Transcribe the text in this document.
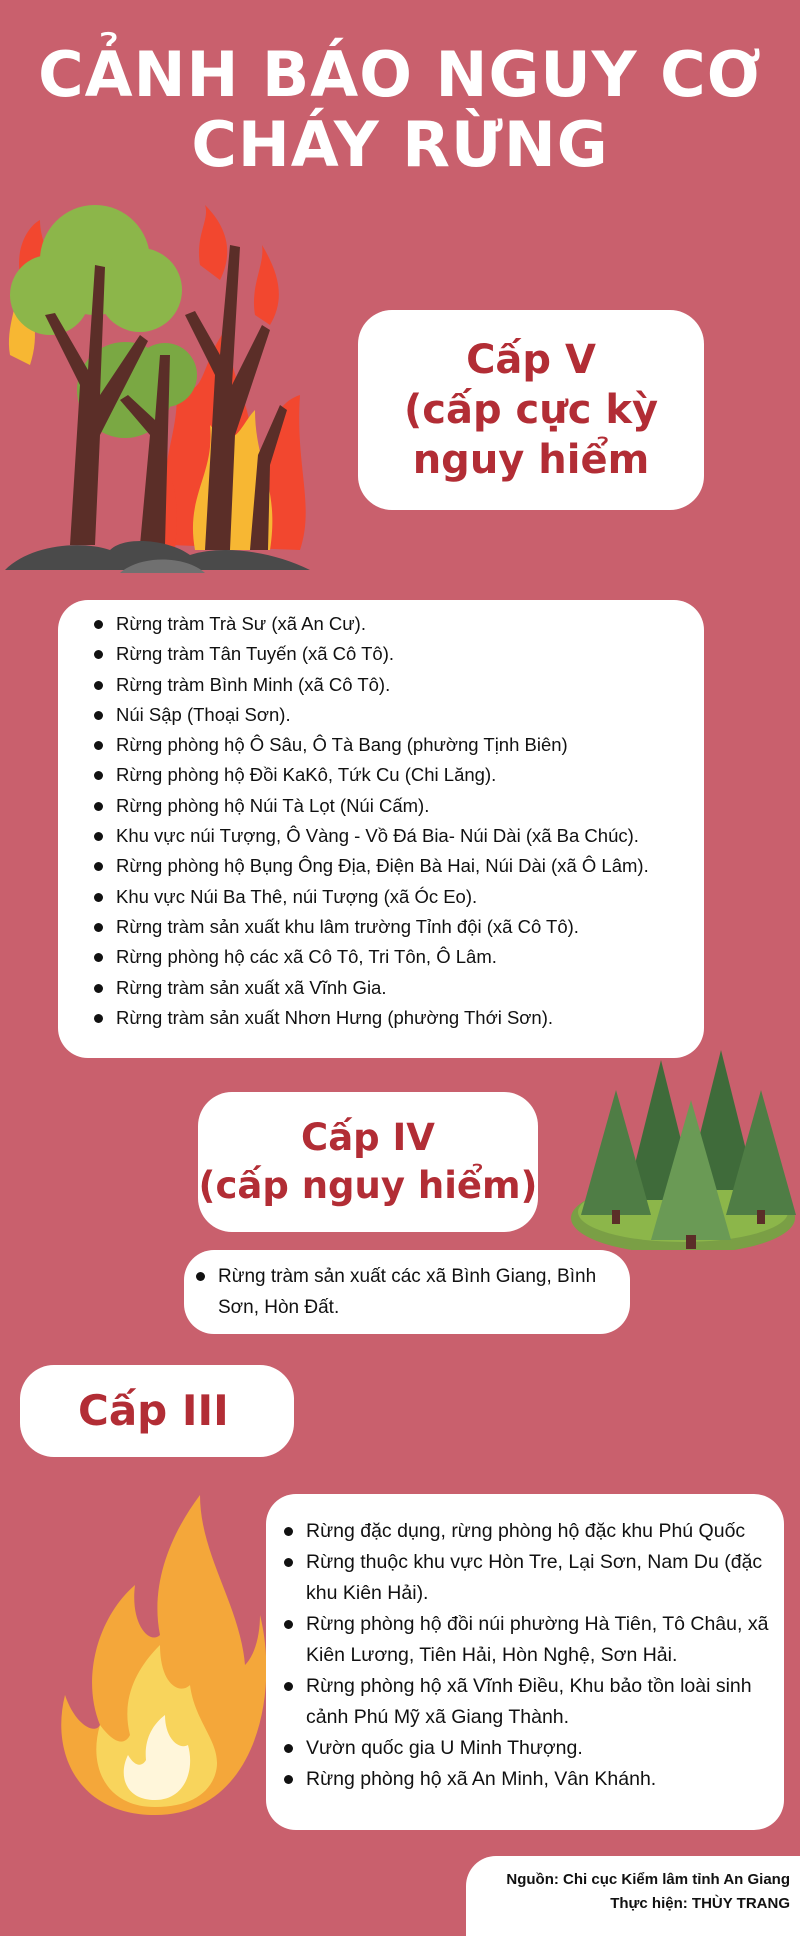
CẢNH BÁO NGUY CƠ
CHÁY RỪNG
Cấp V
(cấp cực kỳ
nguy hiểm
Rừng tràm Trà Sư (xã An Cư).
Rừng tràm Tân Tuyến (xã Cô Tô).
Rừng tràm Bình Minh (xã Cô Tô).
Núi Sập (Thoại Sơn).
Rừng phòng hộ Ô Sâu, Ô Tà Bang (phường Tịnh Biên)
Rừng phòng hộ Đồi KaKô, Tứk Cu (Chi Lăng).
Rừng phòng hộ Núi Tà Lọt (Núi Cấm).
Khu vực núi Tượng, Ô Vàng - Vồ Đá Bia- Núi Dài (xã Ba Chúc).
Rừng phòng hộ Bụng Ông Địa, Điện Bà Hai, Núi Dài (xã Ô Lâm).
Khu vực Núi Ba Thê, núi Tượng (xã Óc Eo).
Rừng tràm sản xuất khu lâm trường Tỉnh đội (xã Cô Tô).
Rừng phòng hộ các xã Cô Tô, Tri Tôn, Ô Lâm.
Rừng tràm sản xuất xã Vĩnh Gia.
Rừng tràm sản xuất Nhơn Hưng (phường Thới Sơn).
Cấp IV
(cấp nguy hiểm)
Rừng tràm sản xuất các xã Bình Giang, Bình Sơn, Hòn Đất.
Cấp III
Rừng đặc dụng, rừng phòng hộ đặc khu Phú Quốc
Rừng thuộc khu vực Hòn Tre, Lại Sơn, Nam Du (đặc khu Kiên Hải).
Rừng phòng hộ đồi núi phường Hà Tiên, Tô Châu, xã Kiên Lương, Tiên Hải, Hòn Nghệ, Sơn Hải.
Rừng phòng hộ xã Vĩnh Điều, Khu bảo tồn loài sinh cảnh Phú Mỹ xã Giang Thành.
Vườn quốc gia U Minh Thượng.
Rừng phòng hộ xã An Minh, Vân Khánh.
Nguồn: Chi cục Kiểm lâm tỉnh An Giang
Thực hiện: THÙY TRANG
